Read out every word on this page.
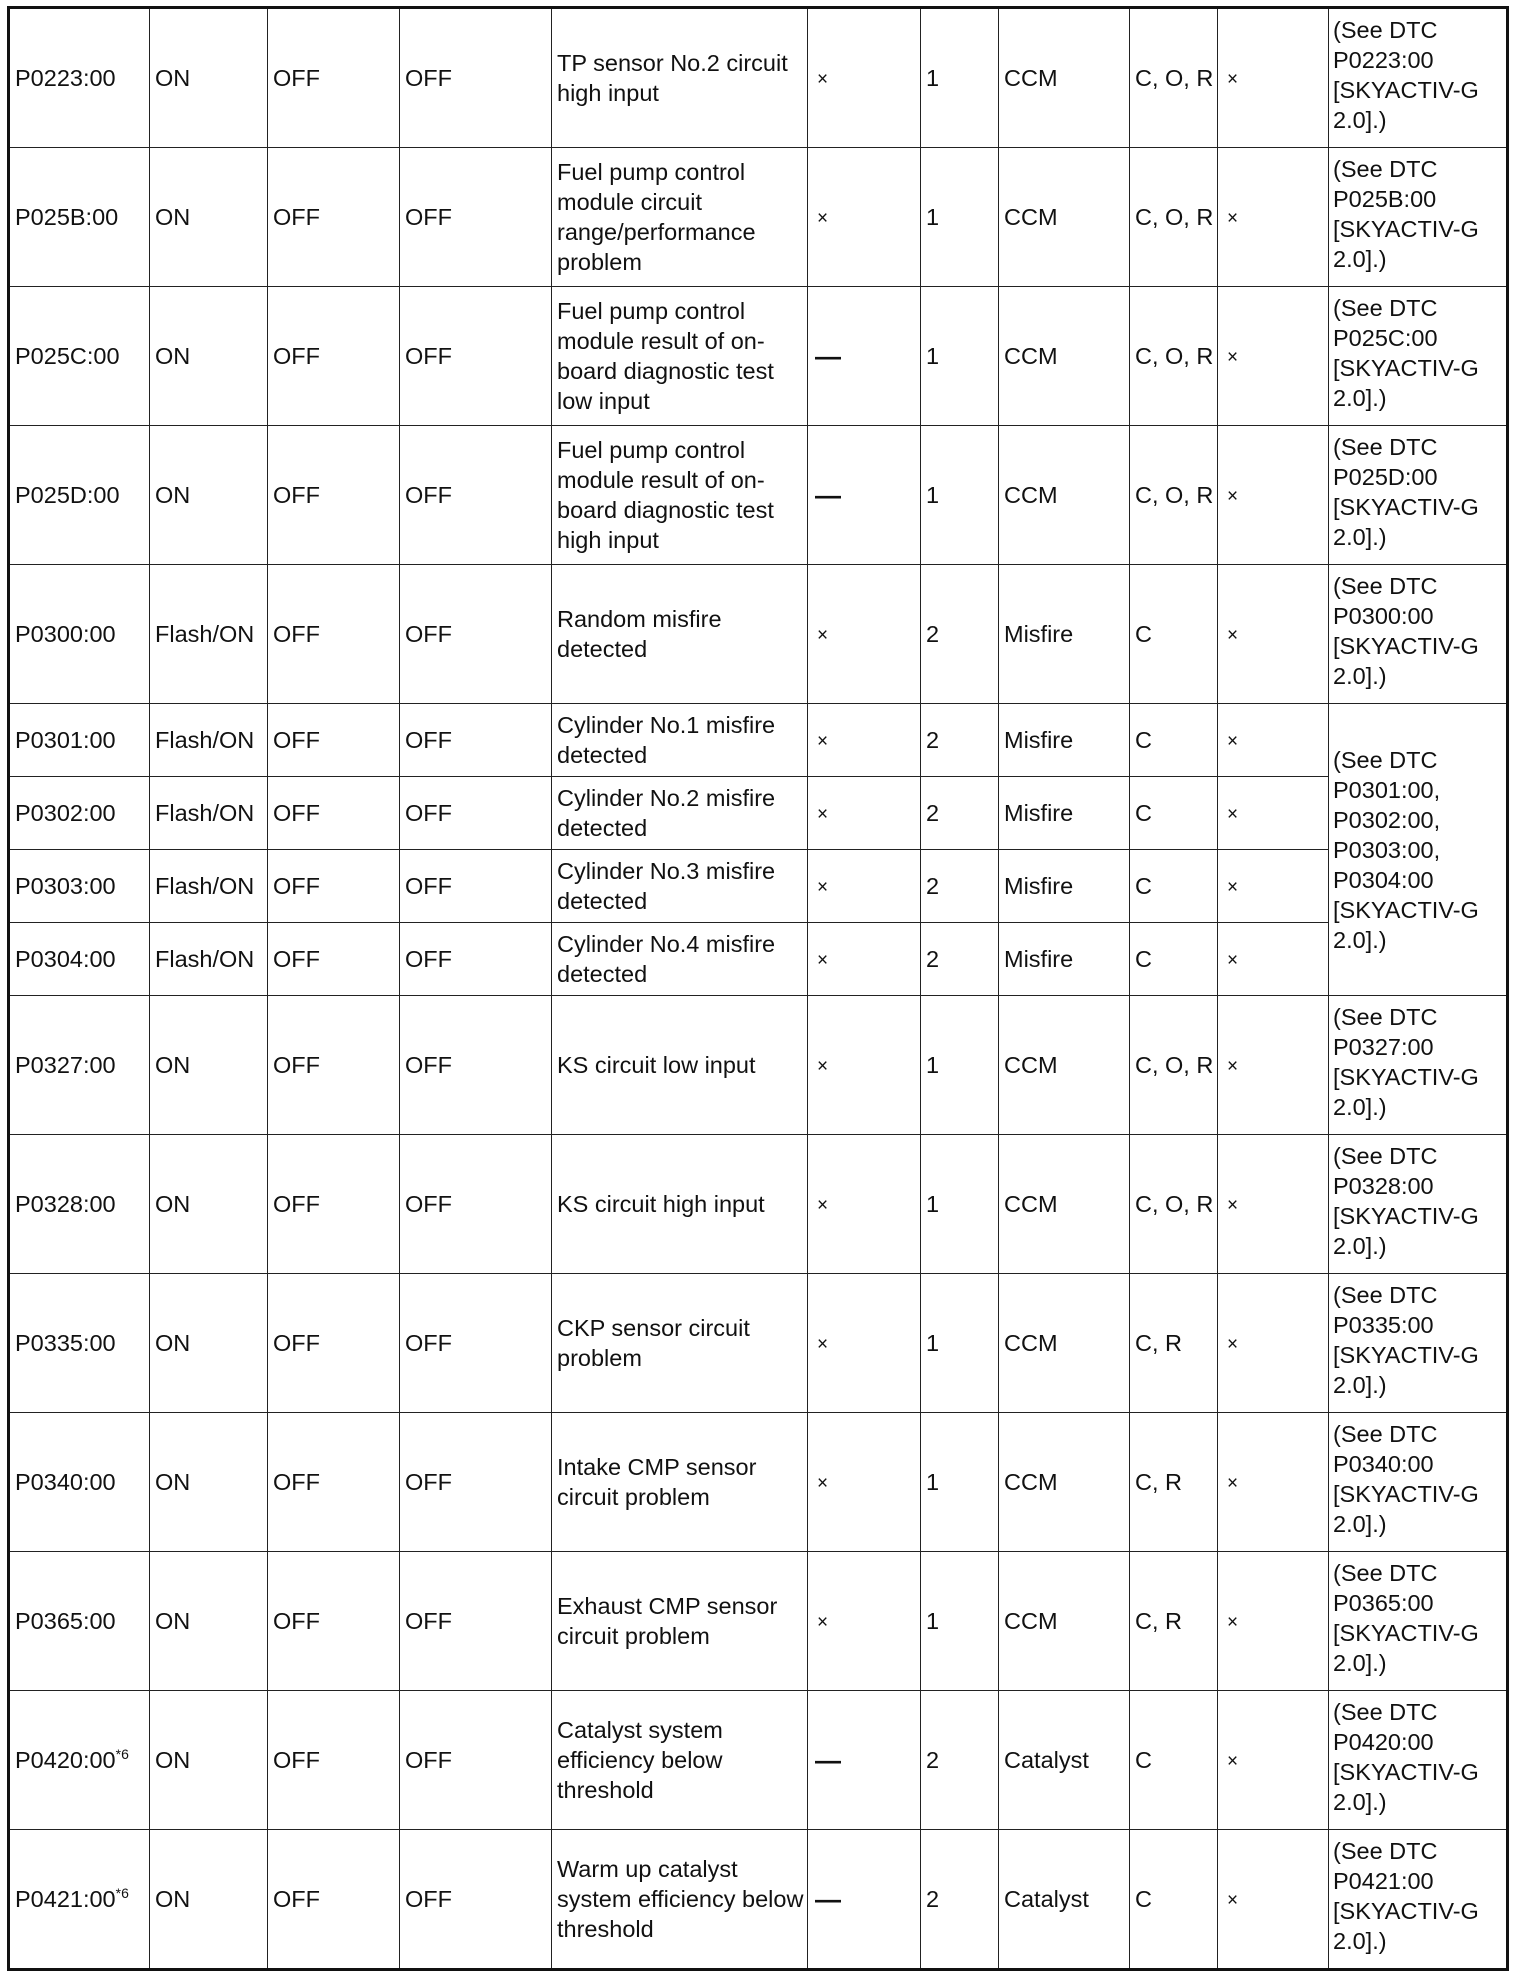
P0223:00	ON	OFF	OFF	TP sensor No.2 circuit high input	×	1	CCM	C, O, R	×	(See DTC P0223:00 [SKYACTIV-G 2.0].)
P025B:00	ON	OFF	OFF	Fuel pump control module circuit range/performance problem	×	1	CCM	C, O, R	×	(See DTC P025B:00 [SKYACTIV-G 2.0].)
P025C:00	ON	OFF	OFF	Fuel pump control module result of on-board diagnostic test low input	—	1	CCM	C, O, R	×	(See DTC P025C:00 [SKYACTIV-G 2.0].)
P025D:00	ON	OFF	OFF	Fuel pump control module result of on-board diagnostic test high input	—	1	CCM	C, O, R	×	(See DTC P025D:00 [SKYACTIV-G 2.0].)
P0300:00	Flash/ON	OFF	OFF	Random misfire detected	×	2	Misfire	C	×	(See DTC P0300:00 [SKYACTIV-G 2.0].)
P0301:00	Flash/ON	OFF	OFF	Cylinder No.1 misfire detected	×	2	Misfire	C	×	(See DTC P0301:00, P0302:00, P0303:00, P0304:00 [SKYACTIV-G 2.0].)
P0302:00	Flash/ON	OFF	OFF	Cylinder No.2 misfire detected	×	2	Misfire	C	×	
P0303:00	Flash/ON	OFF	OFF	Cylinder No.3 misfire detected	×	2	Misfire	C	×	
P0304:00	Flash/ON	OFF	OFF	Cylinder No.4 misfire detected	×	2	Misfire	C	×	
P0327:00	ON	OFF	OFF	KS circuit low input	×	1	CCM	C, O, R	×	(See DTC P0327:00 [SKYACTIV-G 2.0].)
P0328:00	ON	OFF	OFF	KS circuit high input	×	1	CCM	C, O, R	×	(See DTC P0328:00 [SKYACTIV-G 2.0].)
P0335:00	ON	OFF	OFF	CKP sensor circuit problem	×	1	CCM	C, R	×	(See DTC P0335:00 [SKYACTIV-G 2.0].)
P0340:00	ON	OFF	OFF	Intake CMP sensor circuit problem	×	1	CCM	C, R	×	(See DTC P0340:00 [SKYACTIV-G 2.0].)
P0365:00	ON	OFF	OFF	Exhaust CMP sensor circuit problem	×	1	CCM	C, R	×	(See DTC P0365:00 [SKYACTIV-G 2.0].)
P0420:00$^{*6}$	ON	OFF	OFF	Catalyst system efficiency below threshold	—	2	Catalyst	C	×	(See DTC P0420:00 [SKYACTIV-G 2.0].)
P0421:00$^{*6}$	ON	OFF	OFF	Warm up catalyst system efficiency below threshold	—	2	Catalyst	C	×	(See DTC P0421:00 [SKYACTIV-G 2.0].)
